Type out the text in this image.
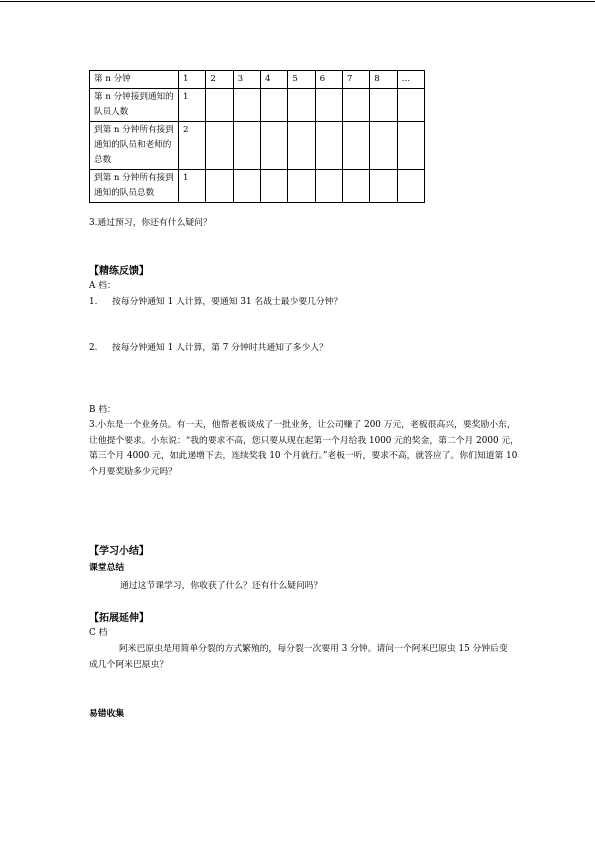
第 n 分钟	1	2	3	4	5	6	7	8	…
第 n 分钟接到通知的队员人数	1								
到第 n 分钟所有接到通知的队员和老师的总数	2								
到第 n 分钟所有接到通知的队员总数	1								
3.通过预习，你还有什么疑问？
【精练反馈】
A 档：
1. 按每分钟通知 1 人计算，要通知 31 名战士最少要几分钟？
2. 按每分钟通知 1 人计算，第 7 分钟时共通知了多少人？
B 档：
3.小东是一个业务员。有一天，他帮老板谈成了一批业务，让公司赚了 200 万元，老板很高兴，要奖励小东，让他提个要求。小东说：“我的要求不高，您只要从现在起第一个月给我 1000 元的奖金，第二个月 2000 元，第三个月 4000 元，如此递增下去，连续奖我 10 个月就行。”老板一听，要求不高，就答应了。你们知道第 10 个月要奖励多少元吗？
【学习小结】
课堂总结
通过这节课学习，你收获了什么？还有什么疑问吗？
【拓展延伸】
C 档
阿米巴原虫是用简单分裂的方式繁殖的，每分裂一次要用 3 分钟。请问一个阿米巴原虫 15 分钟后变成几个阿米巴原虫？
易错收集
